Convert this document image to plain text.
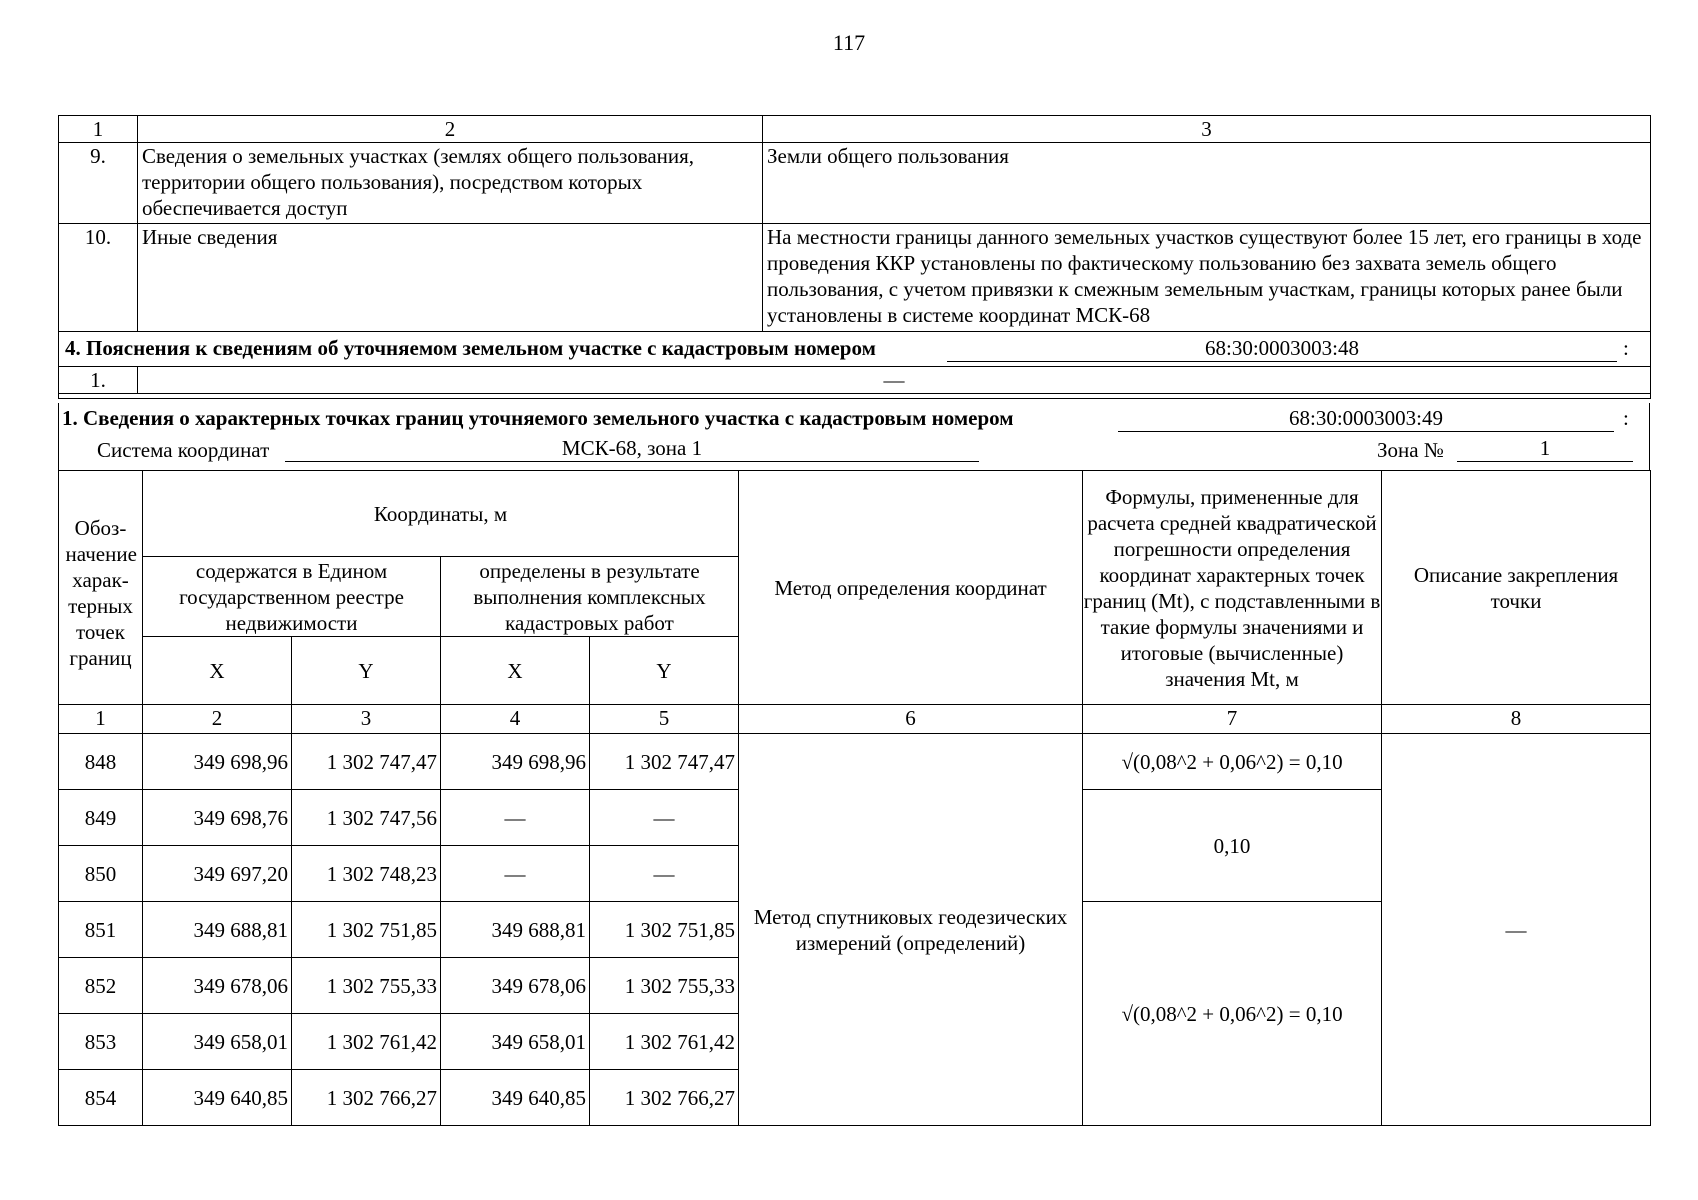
117
1	2	3
9.	Сведения о земельных участках (землях общего пользования, территории общего пользования), посредством которых обеспечивается доступ	Земли общего пользования
10.	Иные сведения	На местности границы данного земельных участков существуют более 15 лет, его границы в ходе проведения ККР установлены по фактическому пользованию без захвата земель общего пользования, с учетом привязки к смежным земельным участкам, границы которых ранее были установлены в системе координат МСК-68

4. Пояснения к сведениям об уточняемом земельном участке с кадастровым номером 68:30:0003003:48 :		

1.	—	

1. Сведения о характерных точках границ уточняемого земельного участка с кадастровым номером	68:30:0003003:49	:
Система координат	МСК-68, зона 1	Зона №	1
Обоз-начение харак-терных точек границ	Координаты, м				Метод определения координат	Формулы, примененные для расчета средней квадратической погрешности определения координат характерных точек границ (Mt), с подставленными в такие формулы значениями и итоговые (вычисленные) значения Mt, м	Описание закрепления точки

	содержатся в Едином государственном реестре недвижимости		определены в результате выполнения комплексных кадастровых работ				
	X	Y	X	Y			
1	2	3	4	5	6	7	8
848	349 698,96	1 302 747,47	349 698,96	1 302 747,47	Метод спутниковых геодезических измерений (определений)	√(0,08^2 + 0,06^2) = 0,10	—
849	349 698,76	1 302 747,56	—	—		0,10	
850	349 697,20	1 302 748,23	—	—			
851	349 688,81	1 302 751,85	349 688,81	1 302 751,85		√(0,08^2 + 0,06^2) = 0,10	
852	349 678,06	1 302 755,33	349 678,06	1 302 755,33			
853	349 658,01	1 302 761,42	349 658,01	1 302 761,42			
854	349 640,85	1 302 766,27	349 640,85	1 302 766,27			
